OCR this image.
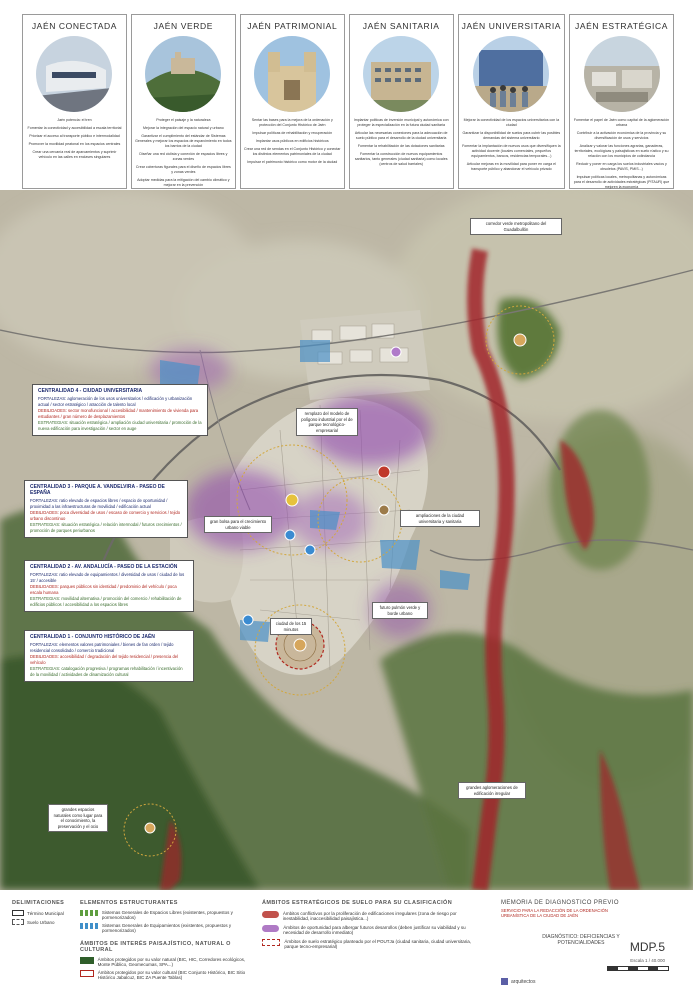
JAÉN CONECTADA

Jaén potencia: el tren

Fomentar la conectividad y accesibilidad a escala territorial

Priorizar el acceso al transporte público e intermodalidad

Promover la movilidad peatonal en los espacios centrales

Crear una cercanía real de aparcamientos y suprimir vehículo en las calles en enclaves singulares

JAÉN VERDE

Proteger el paisaje y la naturaleza

Mejorar la integración del espacio natural y urbano

Garantizar el cumplimiento del estándar de Sistemas Generales y mejorar los espacios de esparcimiento en todos los barrios de la ciudad

Diseñar una red ciclista y conexión de espacios libres y zonas verdes

Crear coberturas figurales para el diseño de espacios libres y zonas verdes

Adoptar medidas para la mitigación del cambio climático y mejorar en la prevención

JAÉN PATRIMONIAL

Sentar las bases para la mejora de la ordenación y protección del Conjunto Histórico de Jaén

Impulsar políticas de rehabilitación y recuperación

Implantar usos públicos en edificios históricos

Crear una red de sendas en el Conjunto Histórico y conectar los distintos elementos patrimoniales de la ciudad

Impulsar el patrimonio histórico como motor de la ciudad

JAÉN SANITARIA

Implantar políticas de inversión municipal y autonómica con proteger la especialización en la futura ciudad sanitaria

Articular las necesarias conexiones para la adecuación de suelo público para el desarrollo de la ciudad universitaria

Fomentar la rehabilitación de las dotaciones sanitarias

Fomentar la construcción de nuevos equipamientos sanitarios, tanto generales (ciudad sanitaria) como locales (centros de salud barriales)

JAÉN UNIVERSITARIA

Mejorar la conectividad de los espacios universitarios con la ciudad

Garantizar la disponibilidad de suelos para cubrir las posibles demandas del sistema universitario

Fomentar la implantación de nuevos usos que diversifiquen la actividad docente (locales comerciales, pequeños equipamientos, bancos, residencias temporales...)

Articular mejoras en la movilidad para poner en carga el transporte público y abandonar el vehículo privado

JAÉN ESTRATÉGICA

Fomentar el papel de Jaén como capital de la aglomeración urbana

Contribuir a la activación económica de la provincia y su diversificación de usos y servicios

Analizar y valorar las funciones agrarias, ganaderas, territoriales, ecológicas y paisajísticas en suelo rústico y su relación con los municipios de colindancia

Reducir y poner en carga los suelos industriales vacíos y obsoletos (PAVIS, PMIS...)

Impulsar políticas locales, metropolitanas y autonómicas para el desarrollo de actividades estratégicas (PITAUR) que mejoren la economía

corredor verde metropolitano del Guadalbullón
remplazo del modelo de polígono industrial por el de parque tecnológico-empresarial
gran bolsa para el crecimiento urbano viable
ampliaciones de la ciudad universitaria y sanitaria
futuro pulmón verde y borde urbano
ciudad de los 15 minutos
grandes aglomeraciones de edificación irregular
grandes espacios naturales como lugar para el conocimiento, la preservación y el ocio
CENTRALIDAD 4 - CIUDAD UNIVERSITARIA
FORTALEZAS: aglomeración de los usos universitarios / edificación y urbanización actual / sector estratégico / atracción de talento local
DEBILIDADES: sector monofuncional / accesibilidad / mantenimiento de vivienda para estudiantes / gran número de desplazamientos
ESTRATEGIAS: situación estratégica / ampliación ciudad universitaria / promoción de la nueva edificación para investigación / sector en auge
CENTRALIDAD 3 - PARQUE A. VANDELVIRA - PASEO DE ESPAÑA
FORTALEZAS: ratio elevado de espacios libres / espacio de oportunidad / proximidad a las infraestructuras de movilidad / edificación actual
DEBILIDADES: poca diversidad de usos / escaso de comercio y servicios / tejido urbano discontinuo
ESTRATEGIAS: situación estratégica / relación intermodal / futuros crecimientos / promoción de parques periurbanos
CENTRALIDAD 2 - AV. ANDALUCÍA - PASEO DE LA ESTACIÓN
FORTALEZAS: ratio elevado de equipamientos / diversidad de usos / ciudad de los 15' / accesible
DEBILIDADES: parques públicos sin identidad / predominio del vehículo / poca escala humana
ESTRATEGIAS: movilidad alternativa / promoción del comercio / rehabilitación de edificios públicos / accesibilidad a los espacios libres
CENTRALIDAD 1 - CONJUNTO HISTÓRICO DE JAÉN
FORTALEZAS: elementos valores patrimoniales / bienes de fan orden / tejido residencial consolidado / comercio tradicional
DEBILIDADES: accesibilidad / degradación del tejido residencial / presencia del vehículo
ESTRATEGIAS: catalogación progresiva / programas rehabilitación / incentivación de la movilidad / actividades de dinamización cultural
DELIMITACIONES
Término Municipal
Suelo Urbano
ELEMENTOS ESTRUCTURANTES
Sistemas Generales de Espacios Libres (existentes, propuestos y pormenorizados)
Sistemas Generales de Equipamientos (existentes, propuestos y pormenorizados)
ÁMBITOS DE INTERÉS PAISAJÍSTICO, NATURAL O CULTURAL
Ámbitos protegidos por su valor natural (BIC, HIC, Corredores ecológicos, Monte Público, Geomecumas, SPA...)
Ámbitos protegidos por su valor cultural (BIC Conjunto Histórico, BIC Sitio Histórico Jabalcuz, BIC ZA Puente Tablas)
ÁMBITOS ESTRATÉGICOS DE SUELO PARA SU CLASIFICACIÓN
Ámbitos conflictivos por la proliferación de edificaciones irregulares (zona de riesgo por inestabilidad, inaccesibilidad paisajística...)
Ámbitos de oportunidad para albergar futuros desarrollos (deben justificar su viabilidad y su necesidad de desarrollo inmediato)
Ámbitos de suelo estratégico planteado por el POUTJa (ciudad sanitaria, ciudad universitaria, parque tecno-empresarial)
MEMORIA DE DIAGNÓSTICO PREVIO
SERVICIO PARA LA REDACCIÓN DE LA ORDENACIÓN URBANÍSTICA DE LA CIUDAD DE JAÉN
DIAGNÓSTICO: DEFICIENCIAS Y POTENCIALIDADES	MDP.5
Escala 1 / 40.000
arquitectos
